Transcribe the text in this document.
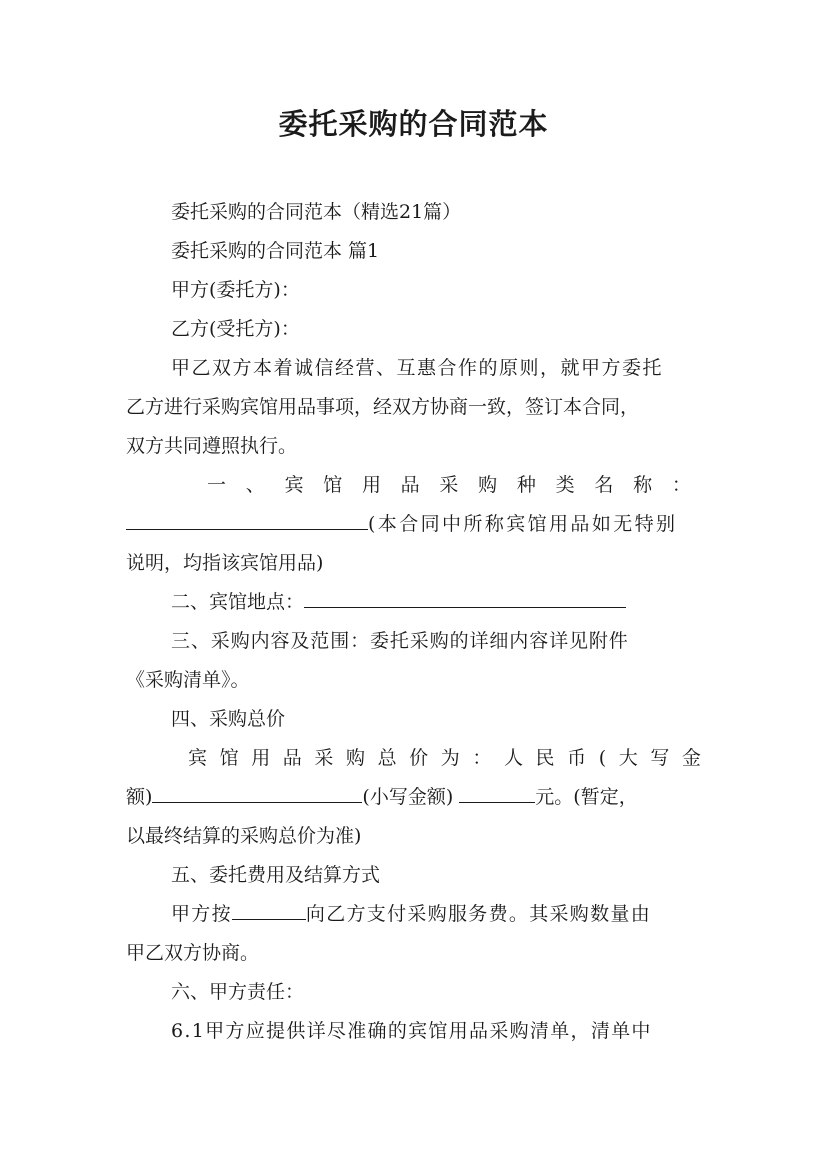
委托采购的合同范本
委托采购的合同范本（精选21篇）
委托采购的合同范本 篇1
甲方(委托方)：
乙方(受托方)：
甲乙双方本着诚信经营、互惠合作的原则，就甲方委托
乙方进行采购宾馆用品事项，经双方协商一致，签订本合同，
双方共同遵照执行。
一 、 宾 馆 用 品 采 购 种 类 名 称 ：
(本合同中所称宾馆用品如无特别
说明，均指该宾馆用品)
二、宾馆地点：
三、采购内容及范围：委托采购的详细内容详见附件
《采购清单》。
四、采购总价
宾 馆 用 品 采 购 总 价 为 ： 人 民 币 ( 大 写 金
额)	(小写金额)	元。(暂定，
以最终结算的采购总价为准)
五、委托费用及结算方式
甲方按	向乙方支付采购服务费。其采购数量由
甲乙双方协商。
六、甲方责任：
6.1甲方应提供详尽准确的宾馆用品采购清单，清单中
